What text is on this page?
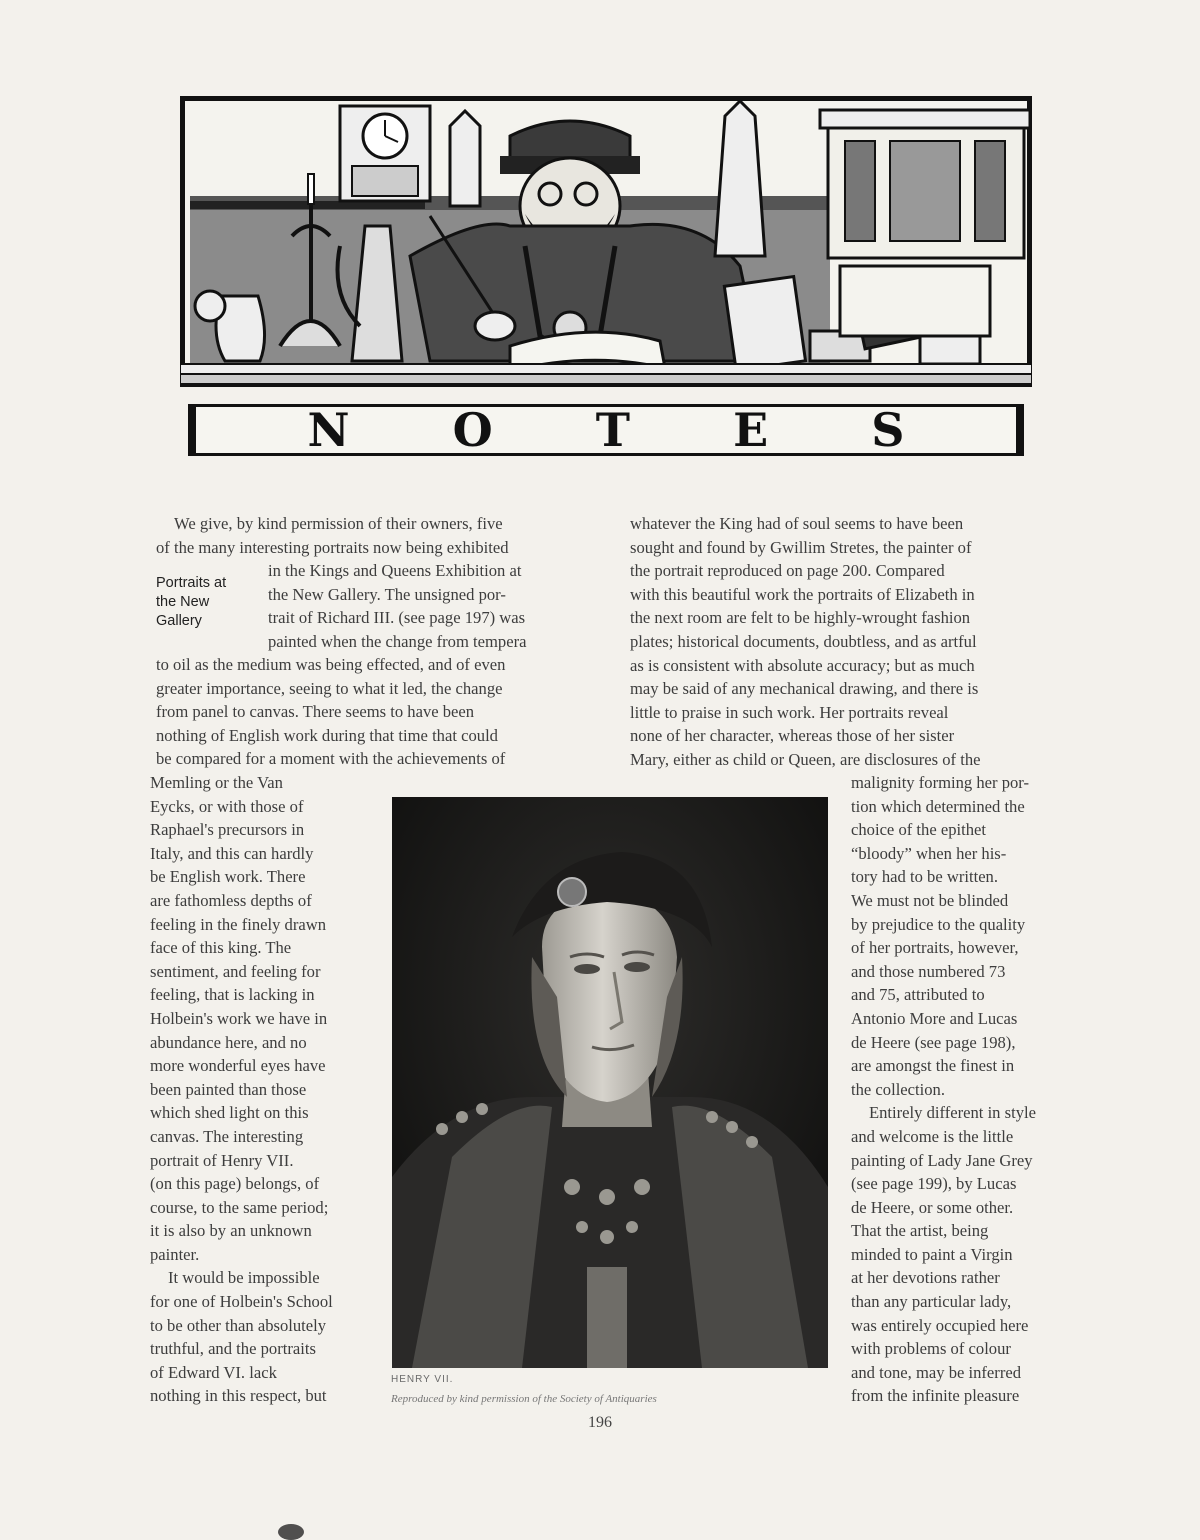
N O T E S
Portraits at
the New
Gallery
We give, by kind permission of their owners, five
of the many interesting portraits now being exhibited
in the Kings and Queens Exhibition at
the New Gallery. The unsigned por-
trait of Richard III. (see page 197) was
painted when the change from tempera
to oil as the medium was being effected, and of even
greater importance, seeing to what it led, the change
from panel to canvas. There seems to have been
nothing of English work during that time that could
be compared for a moment with the achievements of
Memling or the Van
Eycks, or with those of
Raphael's precursors in
Italy, and this can hardly
be English work. There
are fathomless depths of
feeling in the finely drawn
face of this king. The
sentiment, and feeling for
feeling, that is lacking in
Holbein's work we have in
abundance here, and no
more wonderful eyes have
been painted than those
which shed light on this
canvas. The interesting
portrait of Henry VII.
(on this page) belongs, of
course, to the same period;
it is also by an unknown
painter.
It would be impossible
for one of Holbein's School
to be other than absolutely
truthful, and the portraits
of Edward VI. lack
nothing in this respect, but
whatever the King had of soul seems to have been
sought and found by Gwillim Stretes, the painter of
the portrait reproduced on page 200. Compared
with this beautiful work the portraits of Elizabeth in
the next room are felt to be highly-wrought fashion
plates; historical documents, doubtless, and as artful
as is consistent with absolute accuracy; but as much
may be said of any mechanical drawing, and there is
little to praise in such work. Her portraits reveal
none of her character, whereas those of her sister
Mary, either as child or Queen, are disclosures of the
malignity forming her por-
tion which determined the
choice of the epithet
“bloody” when her his-
tory had to be written.
We must not be blinded
by prejudice to the quality
of her portraits, however,
and those numbered 73
and 75, attributed to
Antonio More and Lucas
de Heere (see page 198),
are amongst the finest in
the collection.
Entirely different in style
and welcome is the little
painting of Lady Jane Grey
(see page 199), by Lucas
de Heere, or some other.
That the artist, being
minded to paint a Virgin
at her devotions rather
than any particular lady,
was entirely occupied here
with problems of colour
and tone, may be inferred
from the infinite pleasure

HENRY VII.

Reproduced by kind permission of the Society of Antiquaries

196
